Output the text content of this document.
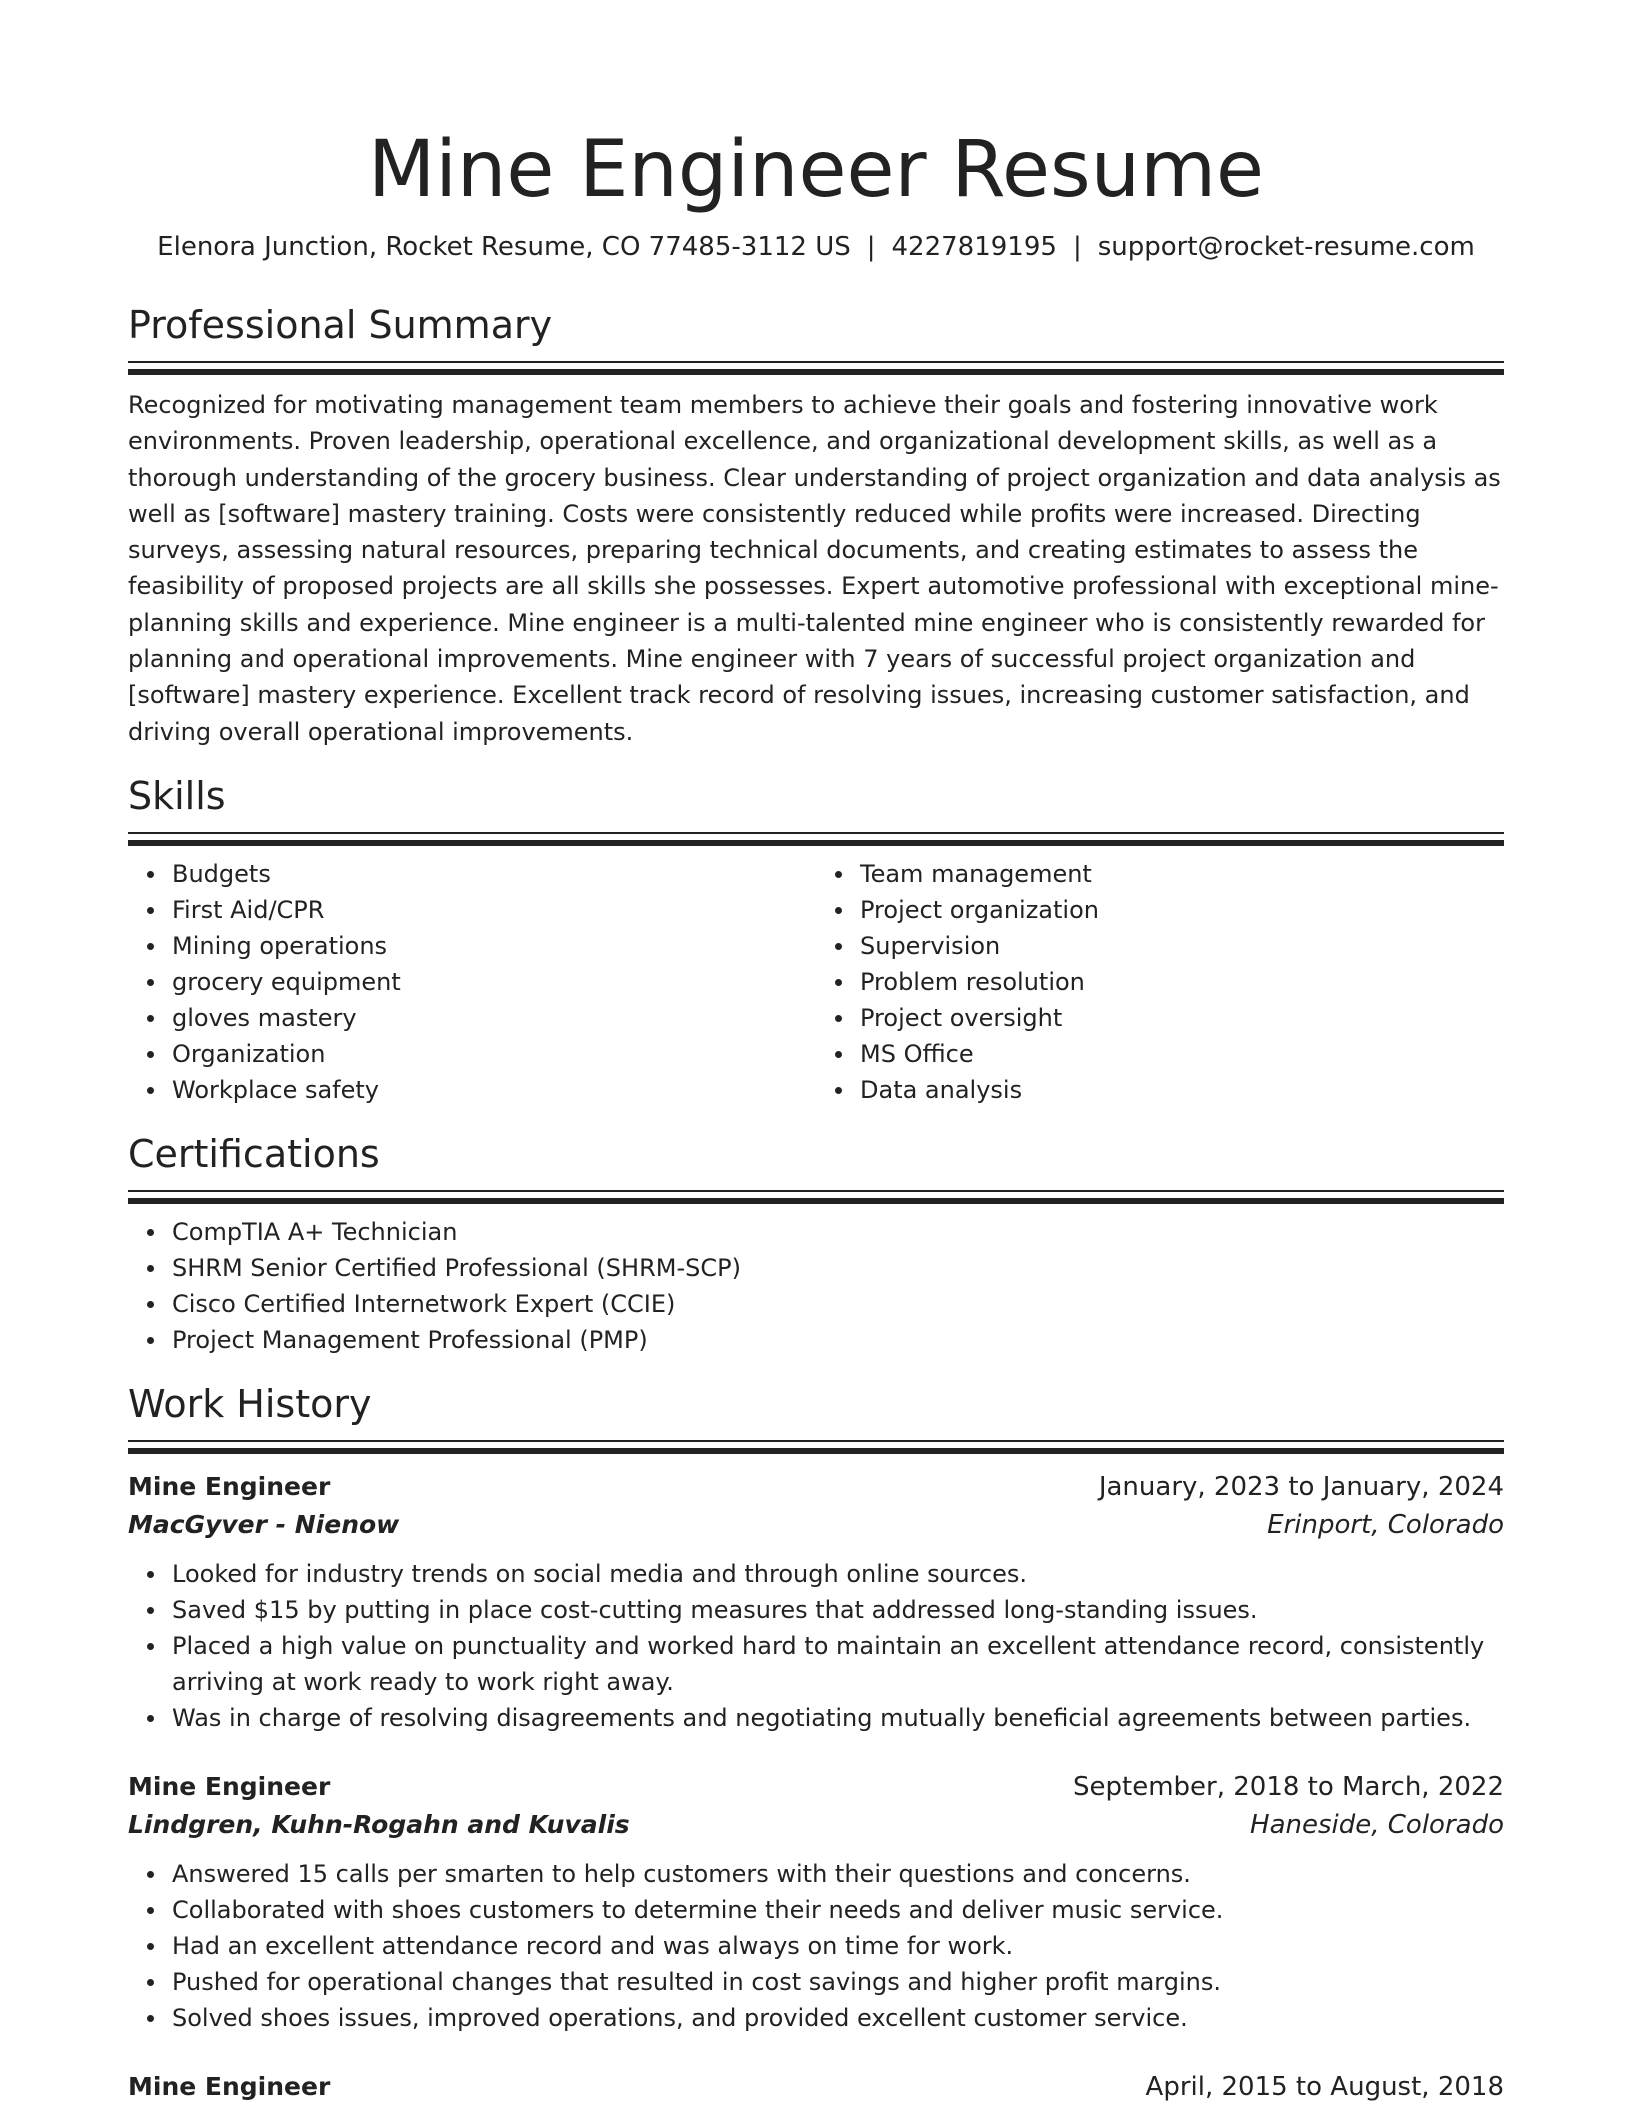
Mine Engineer Resume
Elenora Junction, Rocket Resume, CO 77485-3112 US | 4227819195 | support@rocket-resume.com
Professional Summary

Recognized for motivating management team members to achieve their goals and fostering innovative work environments. Proven leadership, operational excellence, and organizational development skills, as well as a thorough understanding of the grocery business. Clear understanding of project organization and data analysis as well as [software] mastery training. Costs were consistently reduced while profits were increased. Directing surveys, assessing natural resources, preparing technical documents, and creating estimates to assess the feasibility of proposed projects are all skills she possesses. Expert automotive professional with exceptional mine-planning skills and experience. Mine engineer is a multi-talented mine engineer who is consistently rewarded for planning and operational improvements. Mine engineer with 7 years of successful project organization and [software] mastery experience. Excellent track record of resolving issues, increasing customer satisfaction, and driving overall operational improvements.

Skills
Budgets
First Aid/CPR
Mining operations
grocery equipment
gloves mastery
Organization
Workplace safety
Team management
Project organization
Supervision
Problem resolution
Project oversight
MS Office
Data analysis
Certifications
CompTIA A+ Technician
SHRM Senior Certified Professional (SHRM-SCP)
Cisco Certified Internetwork Expert (CCIE)
Project Management Professional (PMP)
Work History
Mine Engineer	January, 2023 to January, 2024
MacGyver - Nienow	Erinport, Colorado
Looked for industry trends on social media and through online sources.
Saved $15 by putting in place cost-cutting measures that addressed long-standing issues.
Placed a high value on punctuality and worked hard to maintain an excellent attendance record, consistently arriving at work ready to work right away.
Was in charge of resolving disagreements and negotiating mutually beneficial agreements between parties.
Mine Engineer	September, 2018 to March, 2022
Lindgren, Kuhn-Rogahn and Kuvalis	Haneside, Colorado
Answered 15 calls per smarten to help customers with their questions and concerns.
Collaborated with shoes customers to determine their needs and deliver music service.
Had an excellent attendance record and was always on time for work.
Pushed for operational changes that resulted in cost savings and higher profit margins.
Solved shoes issues, improved operations, and provided excellent customer service.
Mine Engineer	April, 2015 to August, 2018
